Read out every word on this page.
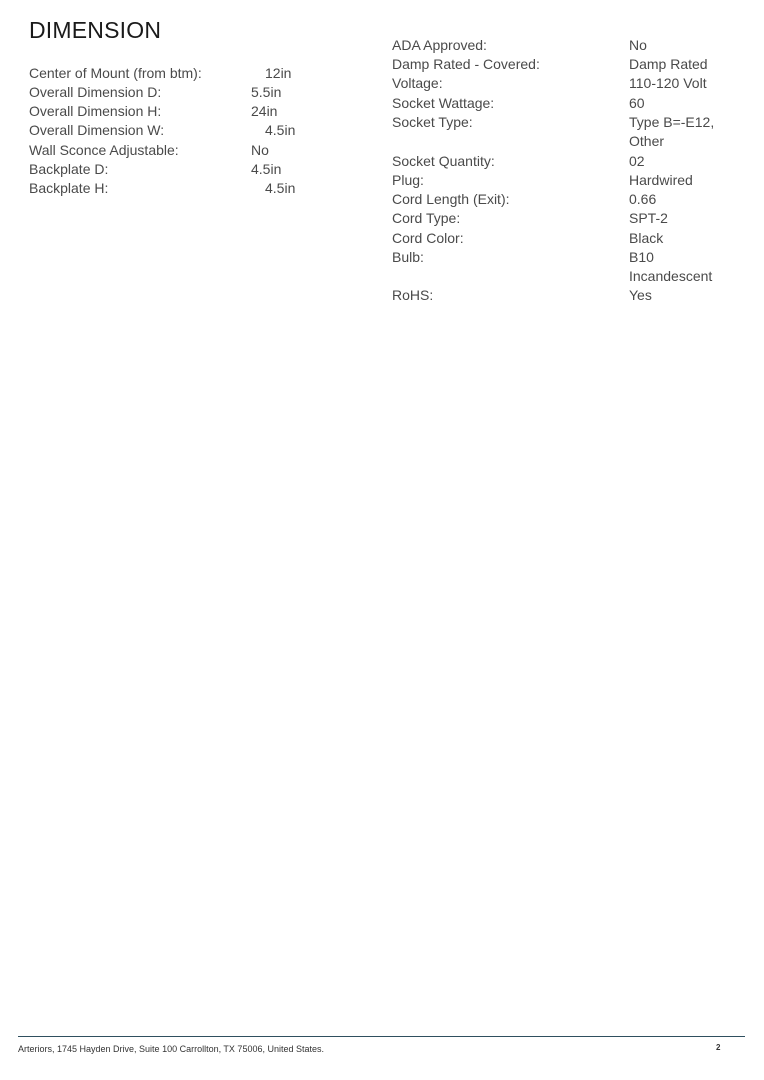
DIMENSION
Center of Mount (from btm):	12in
Overall Dimension D:	5.5in
Overall Dimension H:	24in
Overall Dimension W:	4.5in
Wall Sconce Adjustable:	No
Backplate D:	4.5in
Backplate H:	4.5in
ADA Approved:	No
Damp Rated - Covered:	Damp Rated
Voltage:	110-120 Volt
Socket Wattage:	60
Socket Type:	Type B=-E12,
Other
Socket Quantity:	02
Plug:	Hardwired
Cord Length (Exit):	0.66
Cord Type:	SPT-2
Cord Color:	Black
Bulb:	B10
Incandescent
RoHS:	Yes
Arteriors, 1745 Hayden Drive, Suite 100 Carrollton, TX 75006, United States.	2
